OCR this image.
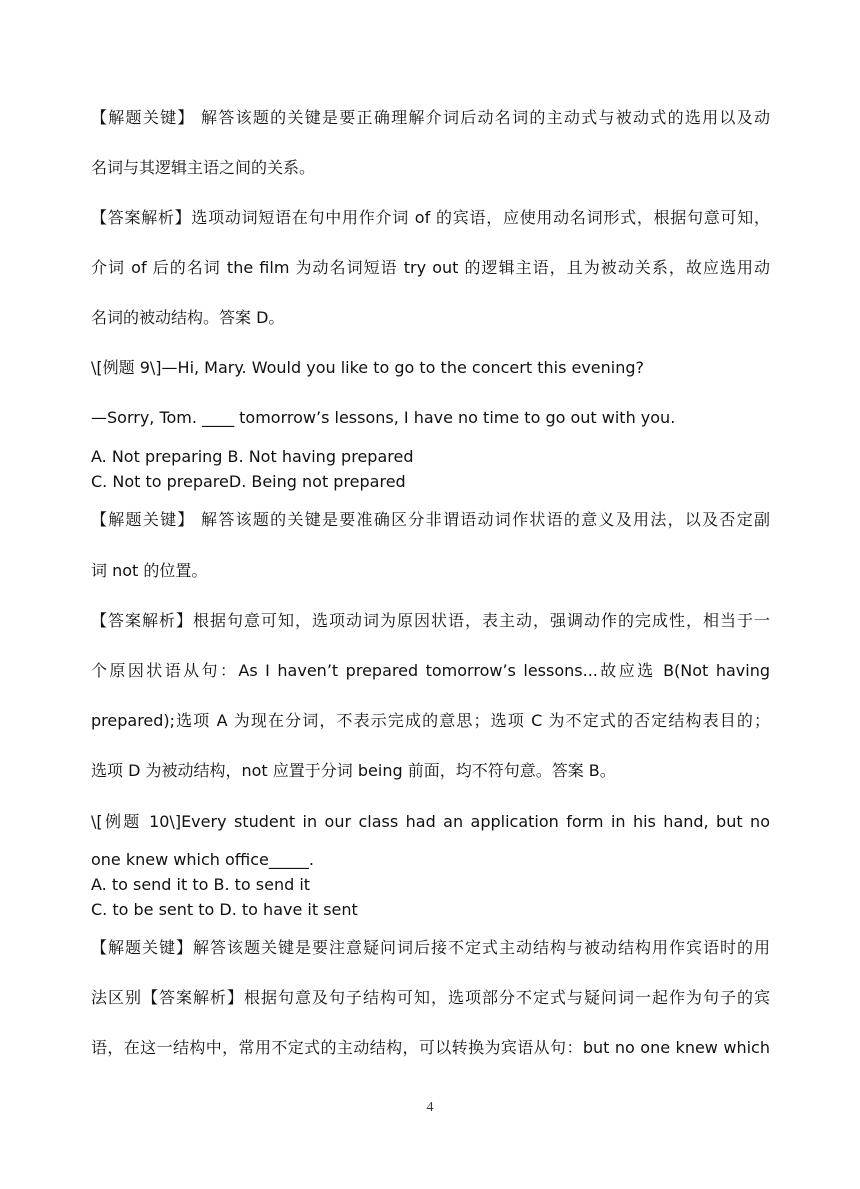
【解题关键】 解答该题的关键是要正确理解介词后动名词的主动式与被动式的选用以及动
名词与其逻辑主语之间的关系。
【答案解析】选项动词短语在句中用作介词 of 的宾语，应使用动名词形式，根据句意可知，
介词 of 后的名词 the film 为动名词短语 try out 的逻辑主语，且为被动关系，故应选用动
名词的被动结构。答案 D。
\[例题 9\]—Hi, Mary. Would you like to go to the concert this evening?
—Sorry, Tom. ____ tomorrow’s lessons, I have no time to go out with you.
A. Not preparing B. Not having prepared
C. Not to prepareD. Being not prepared
【解题关键】 解答该题的关键是要准确区分非谓语动词作状语的意义及用法，以及否定副
词 not 的位置。
【答案解析】根据句意可知，选项动词为原因状语，表主动，强调动作的完成性，相当于一
个原因状语从句：As I haven’t prepared tomorrow’s lessons...故应选 B(Not having
prepared);选项 A 为现在分词，不表示完成的意思；选项 C 为不定式的否定结构表目的；
选项 D 为被动结构，not 应置于分词 being 前面，均不符句意。答案 B。
\[例题 10\]Every student in our class had an application form in his hand, but no
one knew which office_____.
A. to send it to B. to send it
C. to be sent to D. to have it sent
【解题关键】解答该题关键是要注意疑问词后接不定式主动结构与被动结构用作宾语时的用
法区别【答案解析】根据句意及句子结构可知，选项部分不定式与疑问词一起作为句子的宾
语，在这一结构中，常用不定式的主动结构，可以转换为宾语从句：but no one knew which
4
